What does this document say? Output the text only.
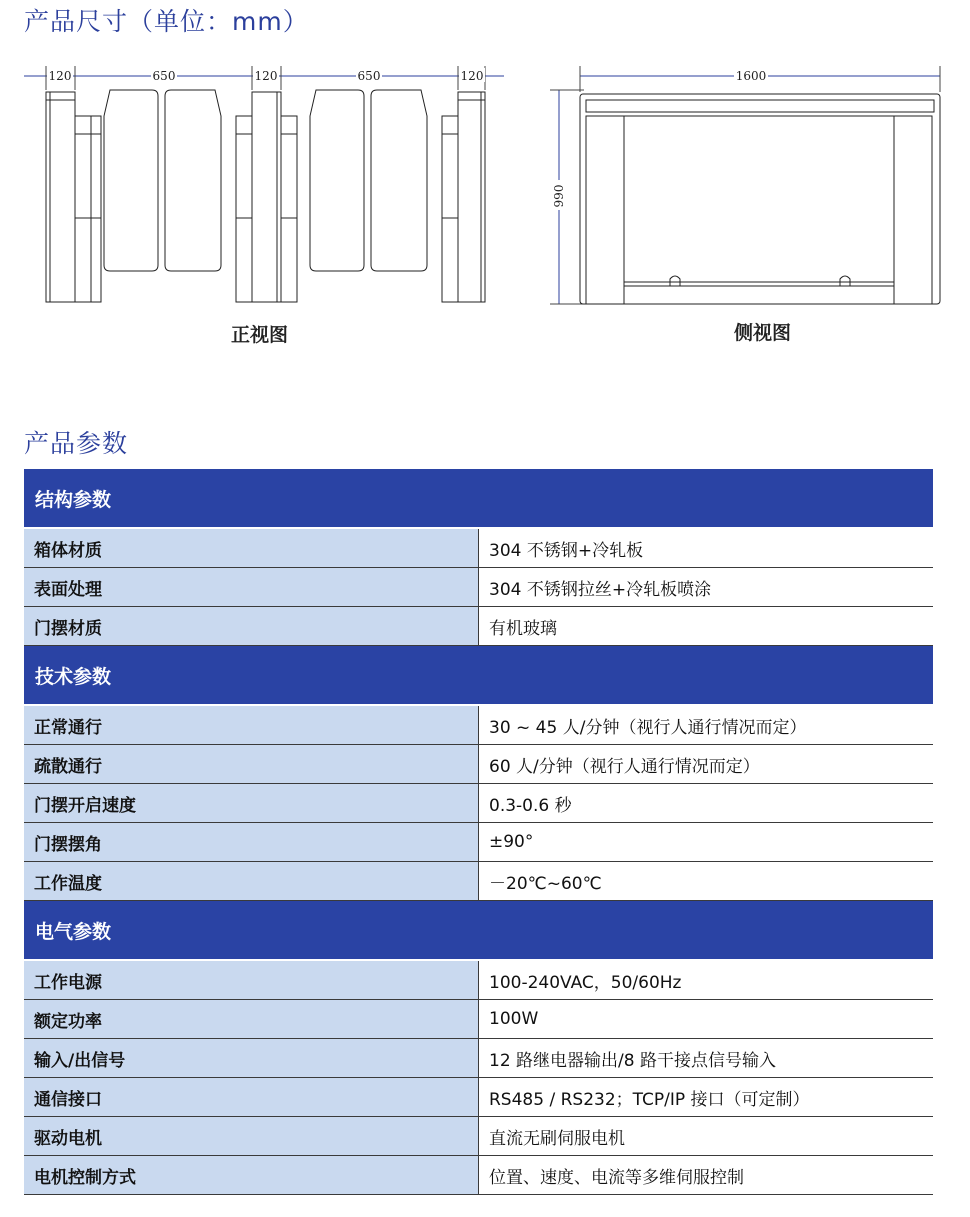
产品尺寸（单位：mm）
120	650	120	650	120
正视图
1600
990
侧视图
产品参数
结构参数	
箱体材质	304 不锈钢+冷轧板
表面处理	304 不锈钢拉丝+冷轧板喷涂
门摆材质	有机玻璃
技术参数	
正常通行	30 ~ 45 人/分钟（视行人通行情况而定）
疏散通行	60 人/分钟（视行人通行情况而定）
门摆开启速度	0.3-0.6 秒
门摆摆角	±90°
工作温度	－20℃~60℃
电气参数	
工作电源	100-240VAC，50/60Hz
额定功率	100W
输入/出信号	12 路继电器输出/8 路干接点信号输入
通信接口	RS485 / RS232；TCP/IP 接口（可定制）
驱动电机	直流无刷伺服电机
电机控制方式	位置、速度、电流等多维伺服控制
